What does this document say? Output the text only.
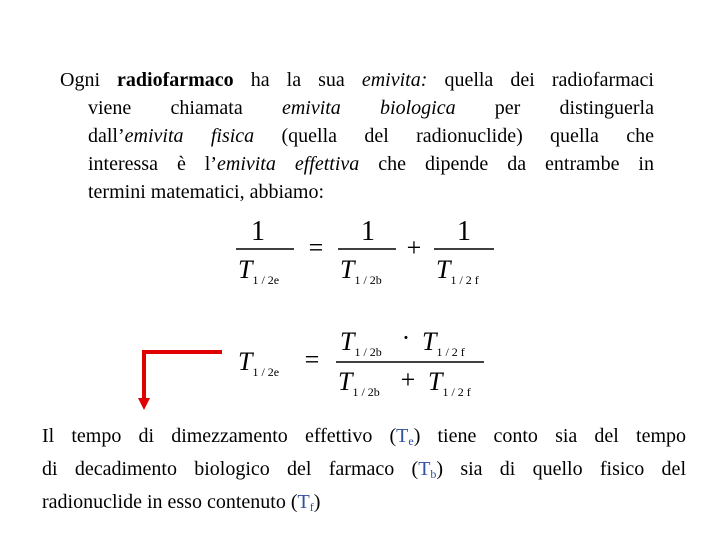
Ogni radiofarmaco ha la sua emivita: quella dei radiofarmaci
viene chiamata emivita biologica per distinguerla
dall’emivita fisica (quella del radionuclide) quella che
interessa è l’emivita effettiva che dipende da entrambe in
termini matematici, abbiamo:
1
$T_{1 / 2e}$
=
1
$T_{1 / 2b}$
+
1
$T_{1 / 2 f}$
$T_{1 / 2e}$ =
$T_{1 / 2b} \cdot T_{1 / 2 f}$
$T_{1 / 2b} + T_{1 / 2 f}$
Il tempo di dimezzamento effettivo $(T_e)$ tiene conto sia del tempo
di decadimento biologico del farmaco $(T_b)$ sia di quello fisico del
radionuclide in esso contenuto $(T_f)$
